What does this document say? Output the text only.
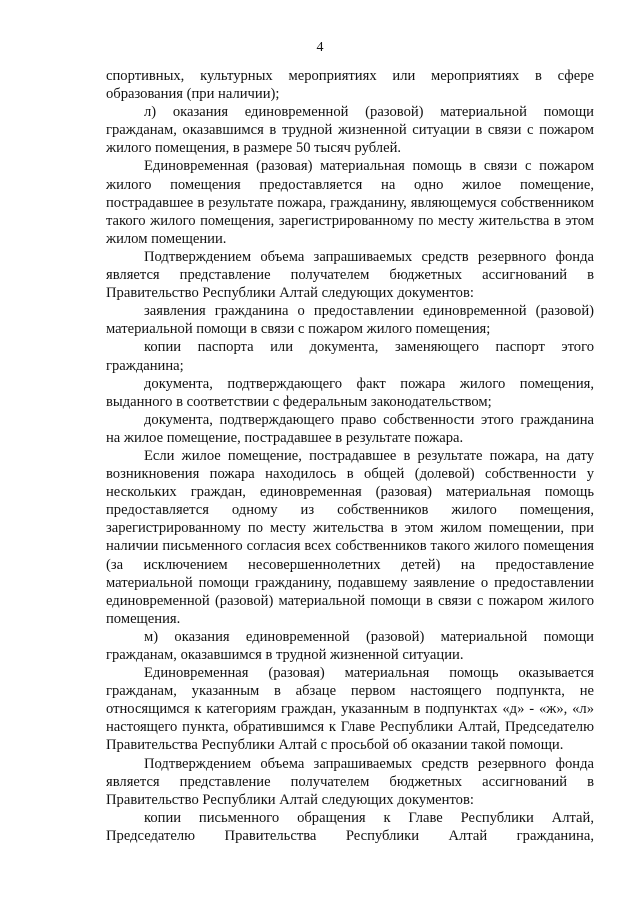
4

спортивных, культурных мероприятиях или мероприятиях в сфере образования (при наличии);

л) оказания единовременной (разовой) материальной помощи гражданам, оказавшимся в трудной жизненной ситуации в связи с пожаром жилого помещения, в размере 50 тысяч рублей.

Единовременная (разовая) материальная помощь в связи с пожаром жилого помещения предоставляется на одно жилое помещение, пострадавшее в результате пожара, гражданину, являющемуся собственником такого жилого помещения, зарегистрированному по месту жительства в этом жилом помещении.

Подтверждением объема запрашиваемых средств резервного фонда является представление получателем бюджетных ассигнований в Правительство Республики Алтай следующих документов:

заявления гражданина о предоставлении единовременной (разовой) материальной помощи в связи с пожаром жилого помещения;

копии паспорта или документа, заменяющего паспорт этого гражданина;

документа, подтверждающего факт пожара жилого помещения, выданного в соответствии с федеральным законодательством;

документа, подтверждающего право собственности этого гражданина на жилое помещение, пострадавшее в результате пожара.

Если жилое помещение, пострадавшее в результате пожара, на дату возникновения пожара находилось в общей (долевой) собственности у нескольких граждан, единовременная (разовая) материальная помощь предоставляется одному из собственников жилого помещения, зарегистрированному по месту жительства в этом жилом помещении, при наличии письменного согласия всех собственников такого жилого помещения (за исключением несовершеннолетних детей) на предоставление материальной помощи гражданину, подавшему заявление о предоставлении единовременной (разовой) материальной помощи в связи с пожаром жилого помещения.

м) оказания единовременной (разовой) материальной помощи гражданам, оказавшимся в трудной жизненной ситуации.

Единовременная (разовая) материальная помощь оказывается гражданам, указанным в абзаце первом настоящего подпункта, не относящимся к категориям граждан, указанным в подпунктах «д» - «ж», «л» настоящего пункта, обратившимся к Главе Республики Алтай, Председателю Правительства Республики Алтай с просьбой об оказании такой помощи.

Подтверждением объема запрашиваемых средств резервного фонда является представление получателем бюджетных ассигнований в Правительство Республики Алтай следующих документов:

копии письменного обращения к Главе Республики Алтай, Председателю Правительства Республики Алтай гражданина,
